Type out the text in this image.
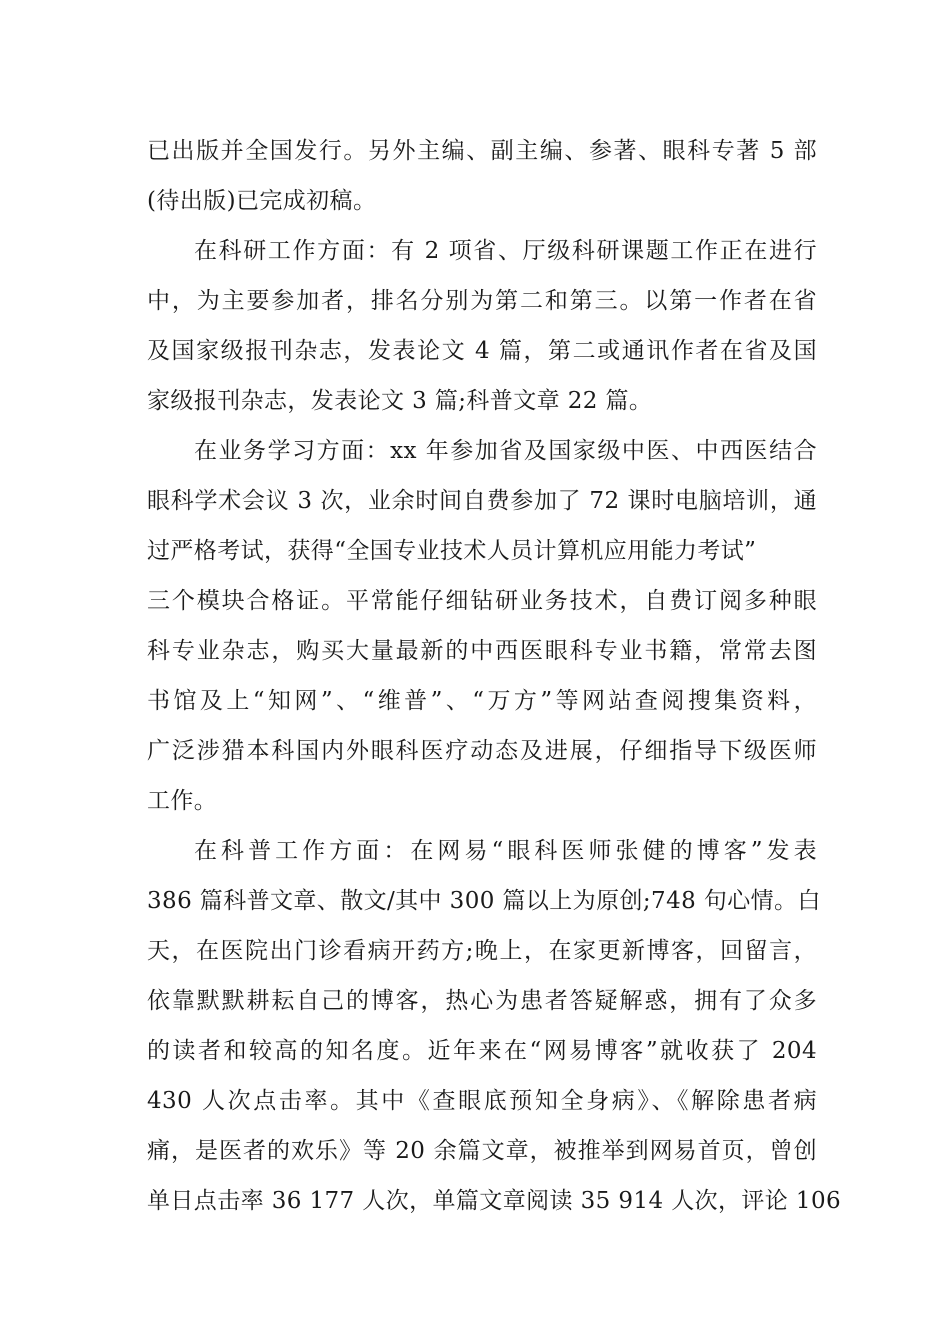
已出版并全国发行。另外主编、副主编、参著、眼科专著 5 部
(待出版)已完成初稿。
在科研工作方面：有 2 项省、厅级科研课题工作正在进行
中，为主要参加者，排名分别为第二和第三。以第一作者在省
及国家级报刊杂志，发表论文 4 篇，第二或通讯作者在省及国
家级报刊杂志，发表论文 3 篇;科普文章 22 篇。
在业务学习方面：xx 年参加省及国家级中医、中西医结合
眼科学术会议 3 次，业余时间自费参加了 72 课时电脑培训，通
过严格考试，获得“全国专业技术人员计算机应用能力考试”
三个模块合格证。平常能仔细钻研业务技术，自费订阅多种眼
科专业杂志，购买大量最新的中西医眼科专业书籍，常常去图
书馆及上“知网”、“维普”、“万方”等网站查阅搜集资料，
广泛涉猎本科国内外眼科医疗动态及进展，仔细指导下级医师
工作。
在科普工作方面：在网易“眼科医师张健的博客”发表
386 篇科普文章、散文/其中 300 篇以上为原创;748 句心情。白
天，在医院出门诊看病开药方;晚上，在家更新博客，回留言，
依靠默默耕耘自己的博客，热心为患者答疑解惑，拥有了众多
的读者和较高的知名度。近年来在“网易博客”就收获了 204
430 人次点击率。其中《查眼底预知全身病》、《解除患者病
痛，是医者的欢乐》等 20 余篇文章，被推举到网易首页，曾创
单日点击率 36 177 人次，单篇文章阅读 35 914 人次，评论 106
